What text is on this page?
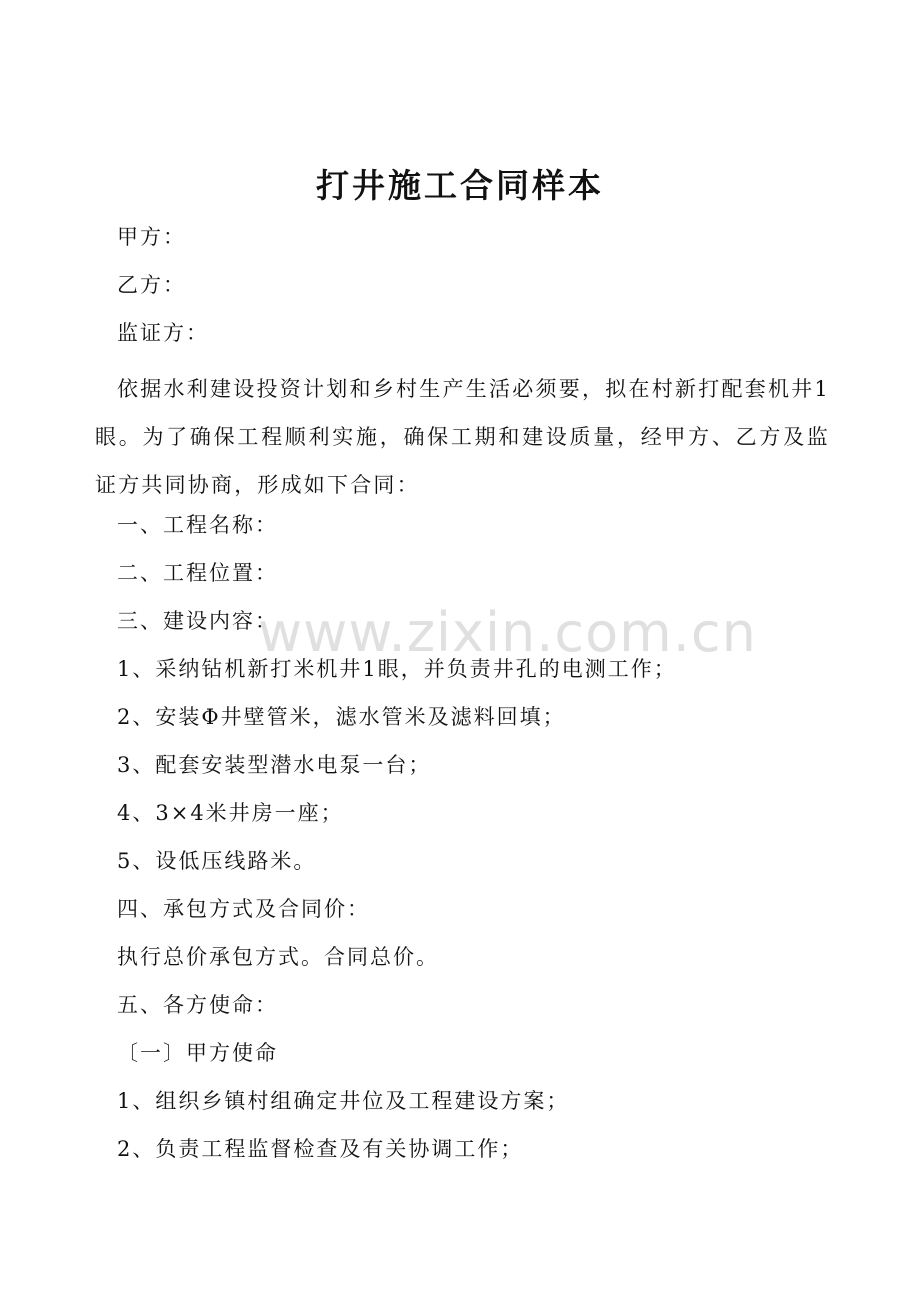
打井施工合同样本
甲方：
乙方：
监证方：
依据水利建设投资计划和乡村生产生活必须要，拟在村新打配套机井1眼。为了确保工程顺利实施，确保工期和建设质量，经甲方、乙方及监证方共同协商，形成如下合同：
一、工程名称：
二、工程位置：
三、建设内容：
1、采纳钻机新打米机井1眼，并负责井孔的电测工作；
2、安装Φ井壁管米，滤水管米及滤料回填；
3、配套安装型潜水电泵一台；
4、3×4米井房一座；
5、设低压线路米。
四、承包方式及合同价：
执行总价承包方式。合同总价。
五、各方使命：
〔一〕甲方使命
1、组织乡镇村组确定井位及工程建设方案；
2、负责工程监督检查及有关协调工作；
www.zixin.com.cn
